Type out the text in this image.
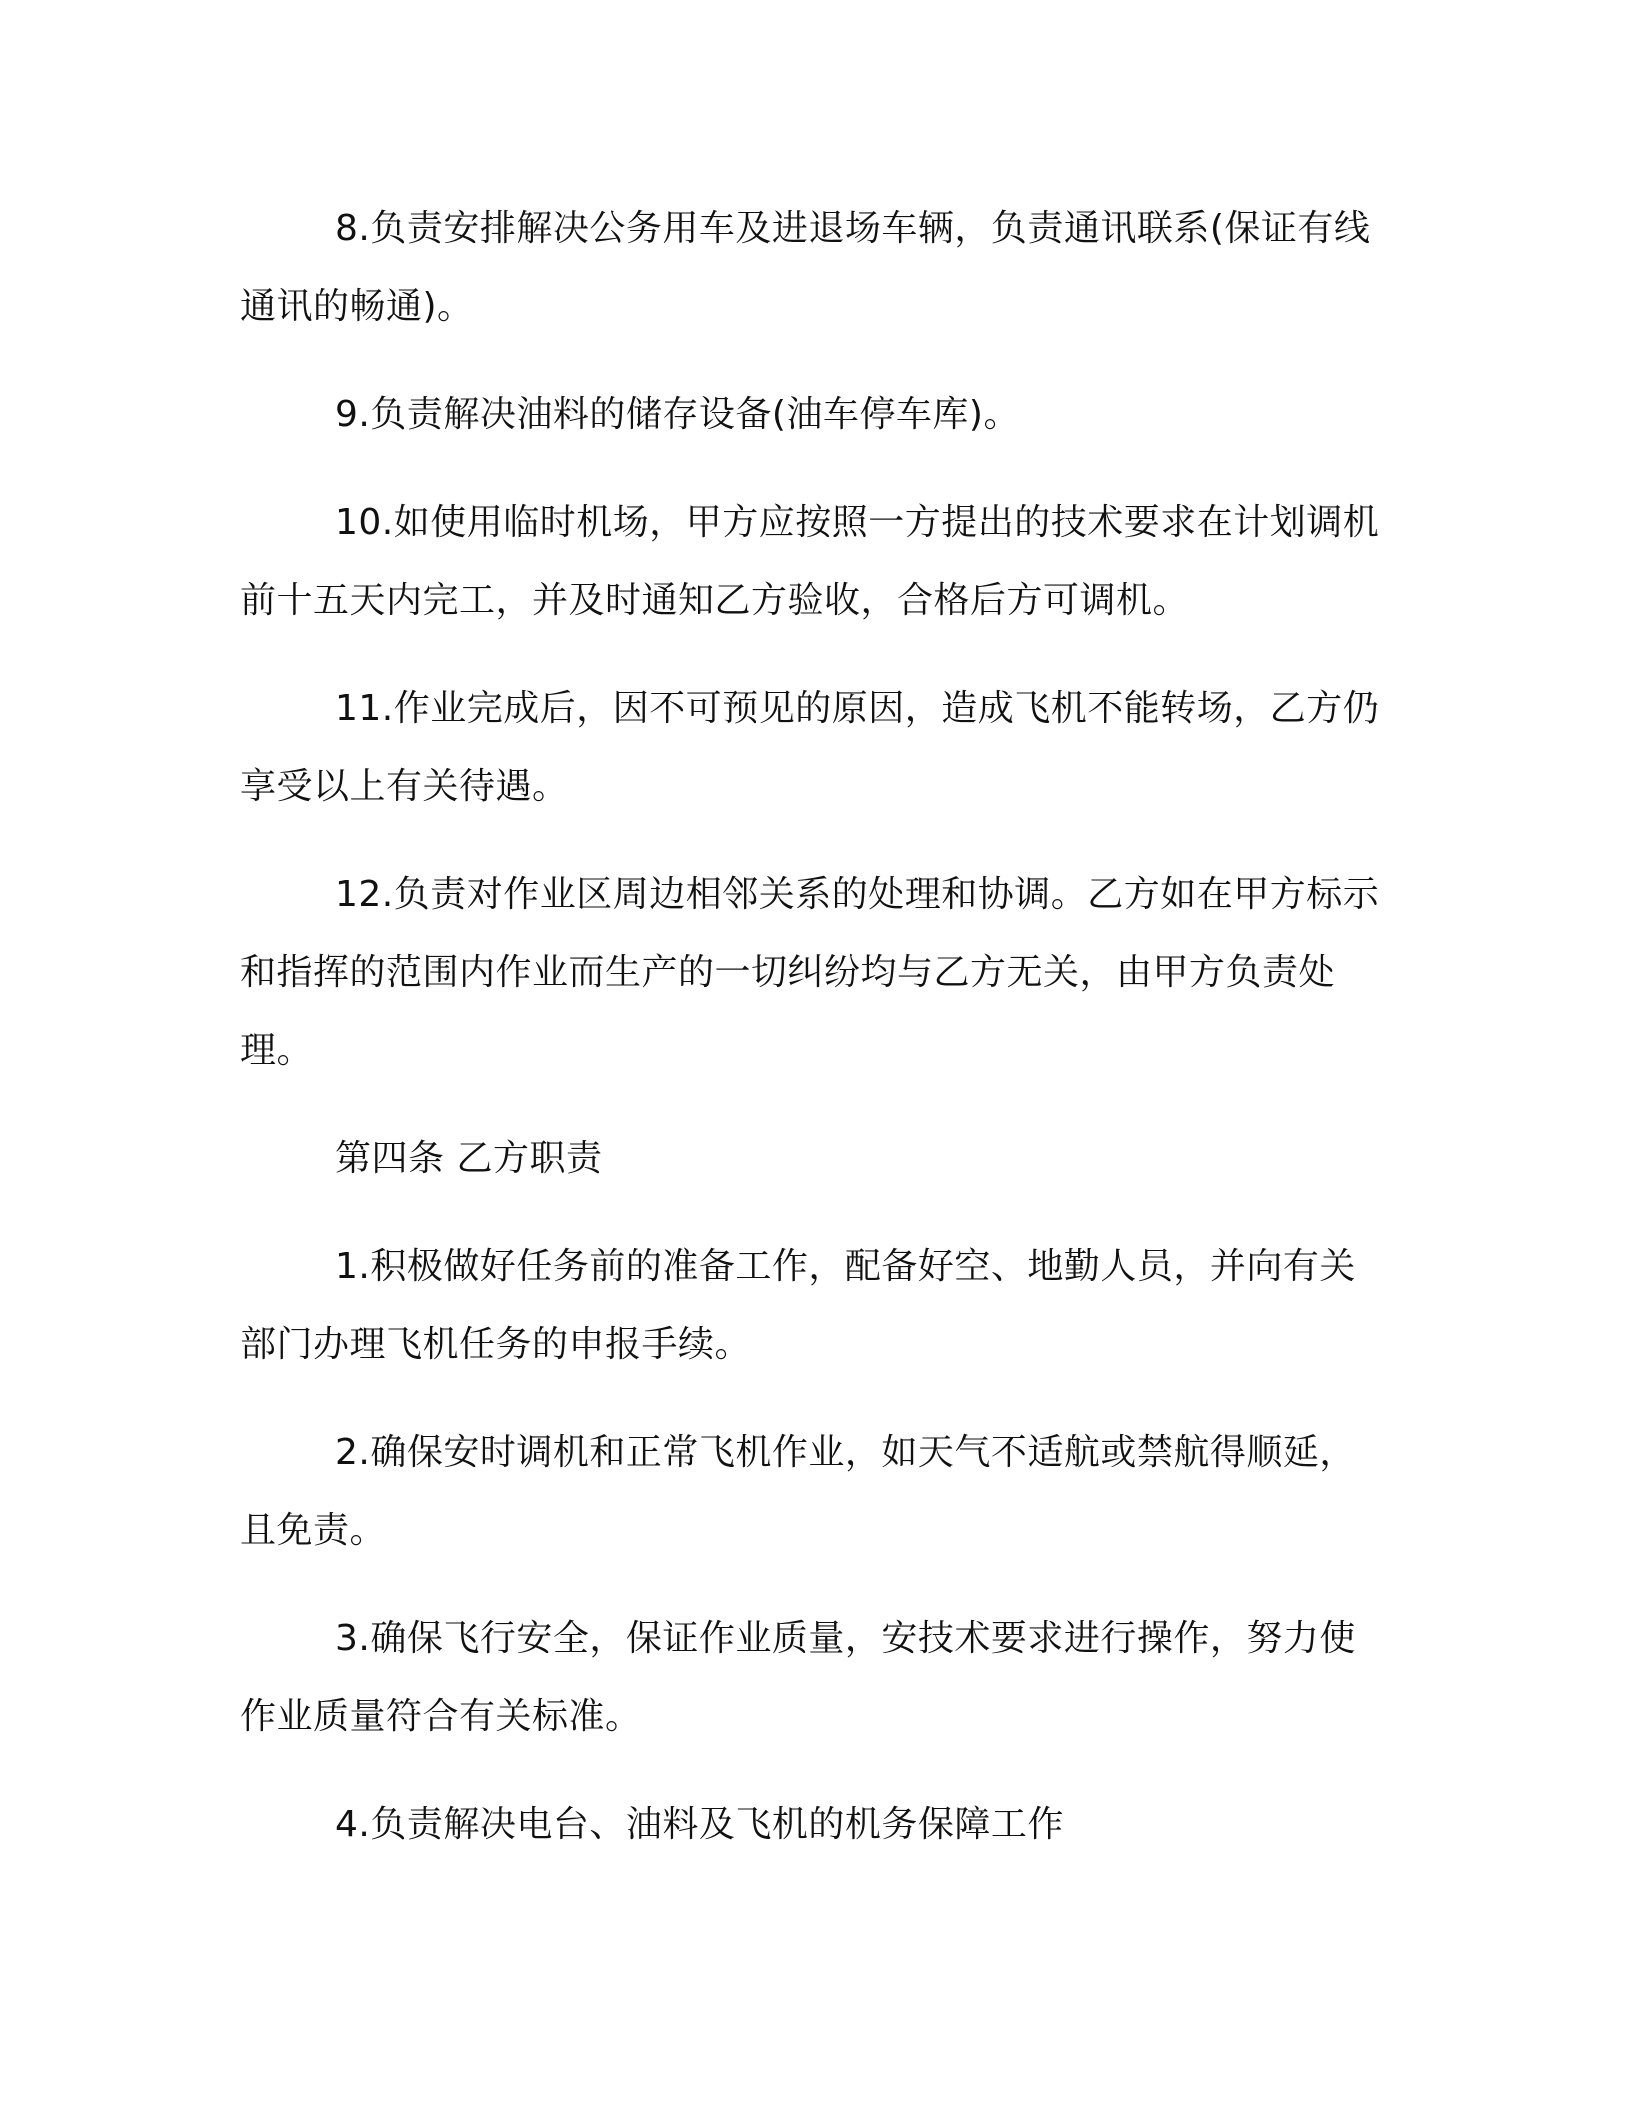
8.负责安排解决公务用车及进退场车辆，负责通讯联系(保证有线通讯的畅通)。

9.负责解决油料的储存设备(油车停车库)。

10.如使用临时机场，甲方应按照一方提出的技术要求在计划调机前十五天内完工，并及时通知乙方验收，合格后方可调机。

11.作业完成后，因不可预见的原因，造成飞机不能转场，乙方仍享受以上有关待遇。

12.负责对作业区周边相邻关系的处理和协调。乙方如在甲方标示和指挥的范围内作业而生产的一切纠纷均与乙方无关，由甲方负责处理。

第四条 乙方职责

1.积极做好任务前的准备工作，配备好空、地勤人员，并向有关部门办理飞机任务的申报手续。

2.确保安时调机和正常飞机作业，如天气不适航或禁航得顺延，且免责。

3.确保飞行安全，保证作业质量，安技术要求进行操作，努力使作业质量符合有关标准。

4.负责解决电台、油料及飞机的机务保障工作
